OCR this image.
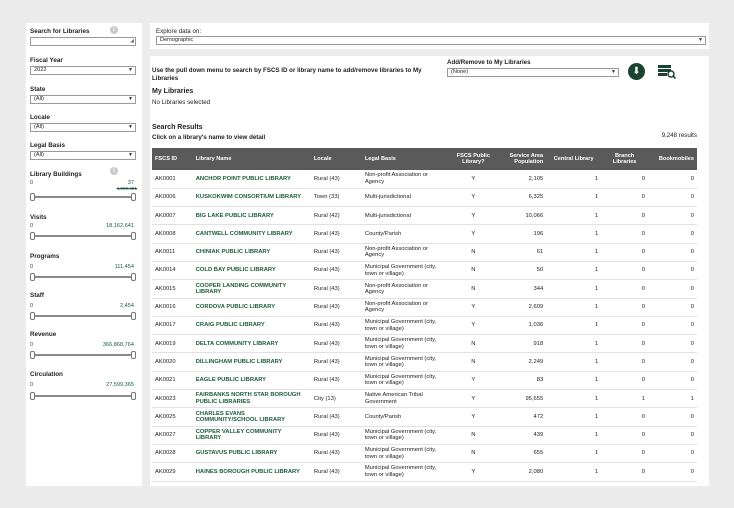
Search for Libraries	i
◢
Fiscal Year
2022	▼
State
(All)	▼
Locale
(All)	▼
Legal Basis
(All)	▼
Library Buildings	i
0	37
4,000,401
Visits
0	18,162,641
Programs
0	111,454
Staff
0	2,454
Revenue
0	366,868,764
Circulation
0	27,599,365
Explore data on:
Demographic	▼
Use the pull down menu to search by FSCS ID or library name to add/remove libraries to My Libraries
Add/Remove to My Libraries
(None)	▼	⬇
My Libraries
No Libraries selected
Search Results
Click on a library's name to view detail	9,248 results
FSCS ID	Library Name	Locale	Legal Basis	FSCS Public Library?	Service Area Population	Central Library	Branch Libraries	Bookmobiles
AK0001	ANCHOR POINT PUBLIC LIBRARY	Rural (43)	Non-profit Association or Agency	Y	2,105	1	0	0
AK0006	KUSKOKWIM CONSORTIUM LIBRARY	Town (33)	Multi-jurisdictional	Y	6,325	1	0	0
AK0007	BIG LAKE PUBLIC LIBRARY	Rural (42)	Multi-jurisdictional	Y	10,066	1	0	0
AK0008	CANTWELL COMMUNITY LIBRARY	Rural (43)	County/Parish	Y	196	1	0	0
AK0011	CHINIAK PUBLIC LIBRARY	Rural (43)	Non-profit Association or Agency	N	61	1	0	0
AK0014	COLD BAY PUBLIC LIBRARY	Rural (43)	Municipal Government (city, town or village)	N	50	1	0	0
AK0015	COOPER LANDING COMMUNITY LIBRARY	Rural (43)	Non-profit Association or Agency	N	344	1	0	0
AK0016	CORDOVA PUBLIC LIBRARY	Rural (43)	Non-profit Association or Agency	Y	2,609	1	0	0
AK0017	CRAIG PUBLIC LIBRARY	Rural (43)	Municipal Government (city, town or village)	Y	1,036	1	0	0
AK0019	DELTA COMMUNITY LIBRARY	Rural (43)	Municipal Government (city, town or village)	N	918	1	0	0
AK0020	DILLINGHAM PUBLIC LIBRARY	Rural (43)	Municipal Government (city, town or village)	N	2,249	1	0	0
AK0021	EAGLE PUBLIC LIBRARY	Rural (43)	Municipal Government (city, town or village)	Y	83	1	0	0
AK0023	FAIRBANKS NORTH STAR BOROUGH PUBLIC LIBRARIES	City (13)	Native American Tribal Government	Y	95,655	1	1	1
AK0025	CHARLES EVANS COMMUNITY/SCHOOL LIBRARY	Rural (43)	County/Parish	Y	472	1	0	0
AK0027	COPPER VALLEY COMMUNITY LIBRARY	Rural (43)	Municipal Government (city, town or village)	N	439	1	0	0
AK0028	GUSTAVUS PUBLIC LIBRARY	Rural (43)	Municipal Government (city, town or village)	N	655	1	0	0
AK0029	HAINES BOROUGH PUBLIC LIBRARY	Rural (43)	Municipal Government (city, town or village)	Y	2,080	1	0	0
